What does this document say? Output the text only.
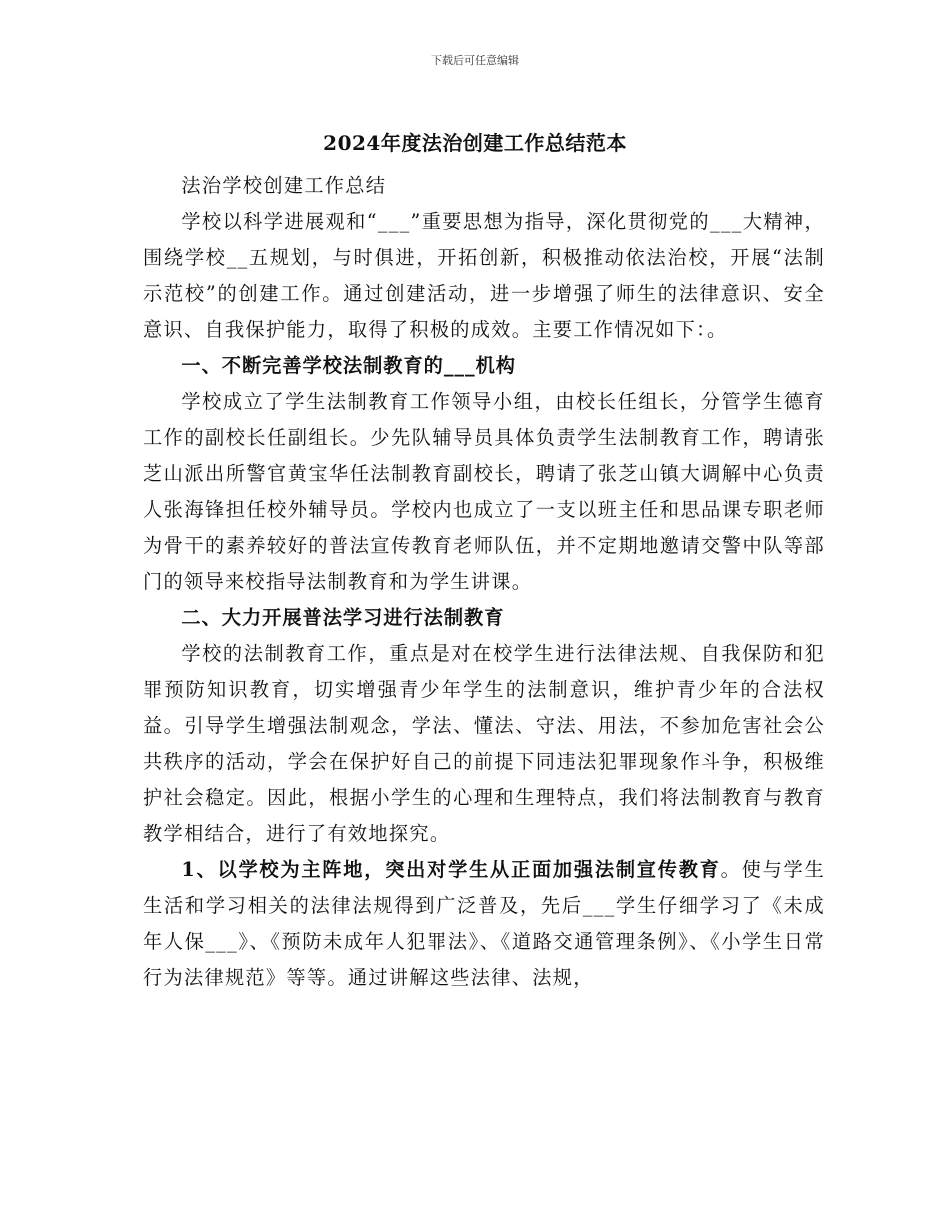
下载后可任意编辑
2024年度法治创建工作总结范本

法治学校创建工作总结

学校以科学进展观和“___”重要思想为指导，深化贯彻党的___大精神，围绕学校__五规划，与时俱进，开拓创新，积极推动依法治校，开展“法制示范校”的创建工作。通过创建活动，进一步增强了师生的法律意识、安全意识、自我保护能力，取得了积极的成效。主要工作情况如下：。

一、不断完善学校法制教育的___机构

学校成立了学生法制教育工作领导小组，由校长任组长，分管学生德育工作的副校长任副组长。少先队辅导员具体负责学生法制教育工作，聘请张芝山派出所警官黄宝华任法制教育副校长，聘请了张芝山镇大调解中心负责人张海锋担任校外辅导员。学校内也成立了一支以班主任和思品课专职老师为骨干的素养较好的普法宣传教育老师队伍，并不定期地邀请交警中队等部门的领导来校指导法制教育和为学生讲课。

二、大力开展普法学习进行法制教育

学校的法制教育工作，重点是对在校学生进行法律法规、自我保防和犯罪预防知识教育，切实增强青少年学生的法制意识，维护青少年的合法权益。引导学生增强法制观念，学法、懂法、守法、用法，不参加危害社会公共秩序的活动，学会在保护好自己的前提下同违法犯罪现象作斗争，积极维护社会稳定。因此，根据小学生的心理和生理特点，我们将法制教育与教育教学相结合，进行了有效地探究。

1、以学校为主阵地，突出对学生从正面加强法制宣传教育。使与学生生活和学习相关的法律法规得到广泛普及，先后___学生仔细学习了《未成年人保___》、《预防未成年人犯罪法》、《道路交通管理条例》、《小学生日常行为法律规范》等等。通过讲解这些法律、法规，
